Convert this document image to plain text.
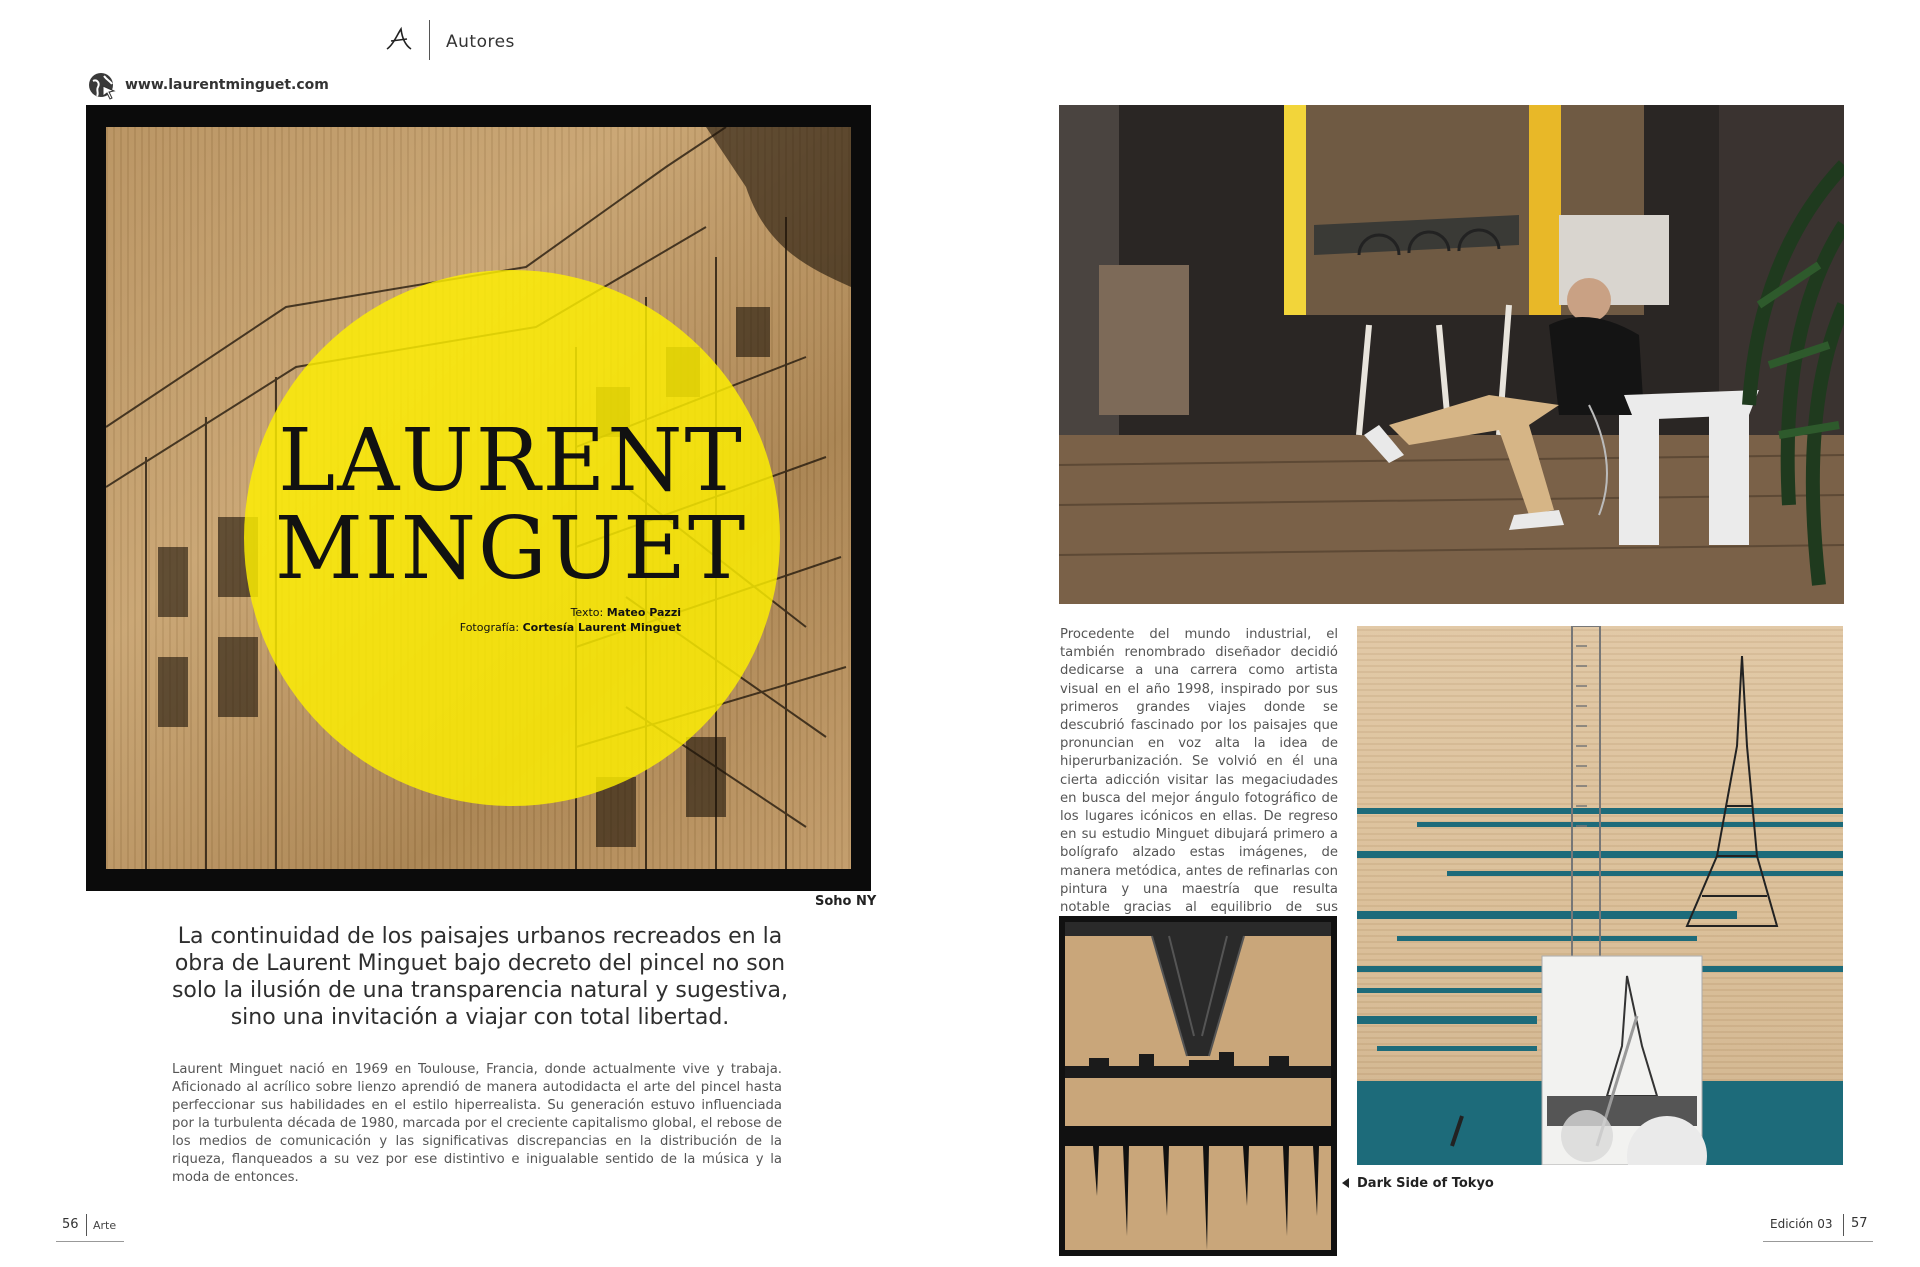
Autores
www.laurentminguet.com
LAURENT
MINGUET
Texto: Mateo Pazzi
Fotografía: Cortesía Laurent Minguet
Soho NY
La continuidad de los paisajes urbanos recreados en la obra de Laurent Minguet bajo decreto del pincel no son solo la ilusión de una transparencia natural y sugestiva, sino una invitación a viajar con total libertad.
Laurent Minguet nació en 1969 en Toulouse, Francia, donde actualmente vive y trabaja. Aficionado al acrílico sobre lienzo aprendió de manera autodidacta el arte del pincel hasta perfeccionar sus habilidades en el estilo hiperrealista. Su generación estuvo influenciada por la turbulenta década de 1980, marcada por el creciente capitalismo global, el rebose de los medios de comunicación y las significativas discrepancias en la distribución de la riqueza, flanqueados a su vez por ese distintivo e inigualable sentido de la música y la moda de entonces.
Procedente del mundo industrial, el también renombrado diseñador decidió dedicarse a una carrera como artista visual en el año 1998, inspirado por sus primeros grandes viajes donde se descubrió fascinado por los paisajes que pronuncian en voz alta la idea de hiperurbanización. Se volvió en él una cierta adicción visitar las megaciudades en busca del mejor ángulo fotográfico de los lugares icónicos en ellas. De regreso en su estudio Minguet dibujará primero a bolígrafo alzado estas imágenes, de manera metódica, antes de refinarlas con pintura y una maestría que resulta notable gracias al equilibrio de sus
Dark Side of Tokyo
56 Arte	Edición 03 57
